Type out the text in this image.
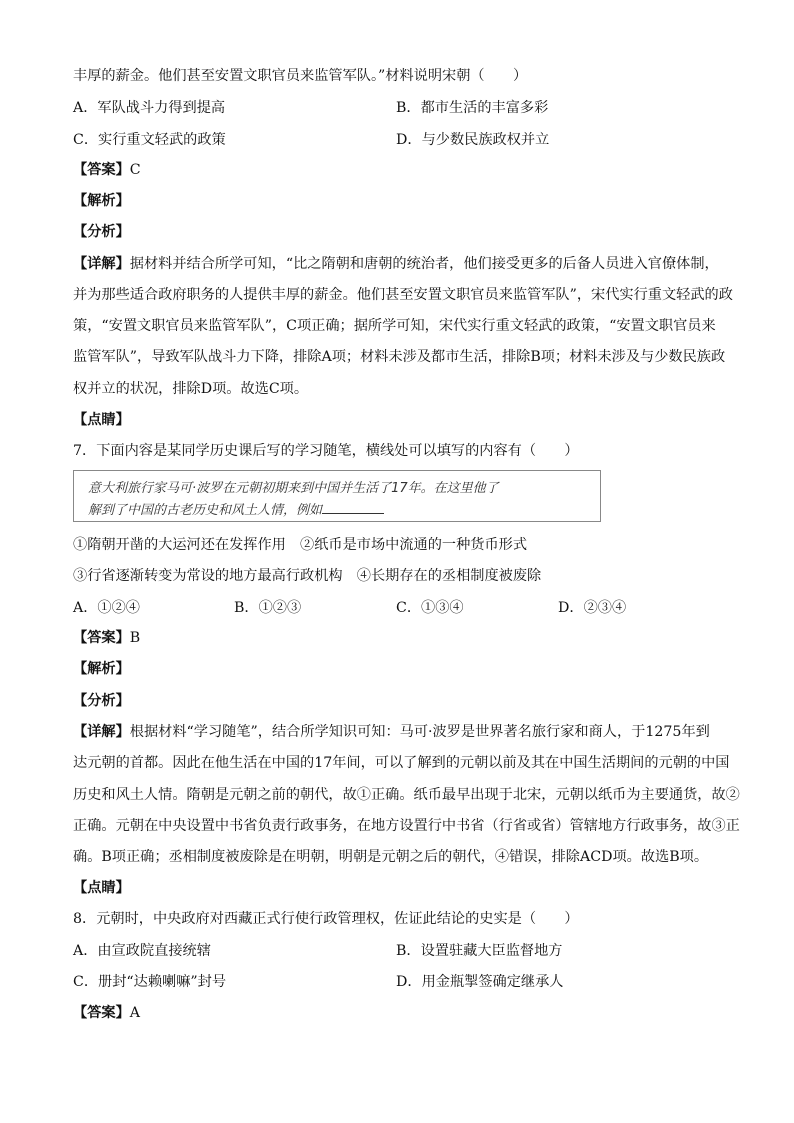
丰厚的薪金。他们甚至安置文职官员来监管军队。”材料说明宋朝（　　）
A．军队战斗力得到提高	B．都市生活的丰富多彩
C．实行重文轻武的政策	D．与少数民族政权并立
【答案】C
【解析】
【分析】
【详解】据材料并结合所学可知，“比之隋朝和唐朝的统治者，他们接受更多的后备人员进入官僚体制，
并为那些适合政府职务的人提供丰厚的薪金。他们甚至安置文职官员来监管军队”，宋代实行重文轻武的政
策，“安置文职官员来监管军队”，C项正确；据所学可知，宋代实行重文轻武的政策，“安置文职官员来
监管军队”，导致军队战斗力下降，排除A项；材料未涉及都市生活，排除B项；材料未涉及与少数民族政
权并立的状况，排除D项。故选C项。
【点睛】
7．下面内容是某同学历史课后写的学习随笔，横线处可以填写的内容有（　　）
意大利旅行家马可·波罗在元朝初期来到中国并生活了17年。在这里他了
解到了中国的古老历史和风土人情，例如
①隋朝开凿的大运河还在发挥作用　②纸币是市场中流通的一种货币形式
③行省逐渐转变为常设的地方最高行政机构　④长期存在的丞相制度被废除
A．①②④	B．①②③	C．①③④	D．②③④
【答案】B
【解析】
【分析】
【详解】根据材料“学习随笔”，结合所学知识可知：马可·波罗是世界著名旅行家和商人，于1275年到
达元朝的首都。因此在他生活在中国的17年间，可以了解到的元朝以前及其在中国生活期间的元朝的中国
历史和风土人情。隋朝是元朝之前的朝代，故①正确。纸币最早出现于北宋，元朝以纸币为主要通货，故②
正确。元朝在中央设置中书省负责行政事务，在地方设置行中书省（行省或省）管辖地方行政事务，故③正
确。B项正确；丞相制度被废除是在明朝，明朝是元朝之后的朝代，④错误，排除ACD项。故选B项。
【点睛】
8．元朝时，中央政府对西藏正式行使行政管理权，佐证此结论的史实是（　　）
A．由宣政院直接统辖	B．设置驻藏大臣监督地方
C．册封“达赖喇嘛”封号	D．用金瓶掣签确定继承人
【答案】A
